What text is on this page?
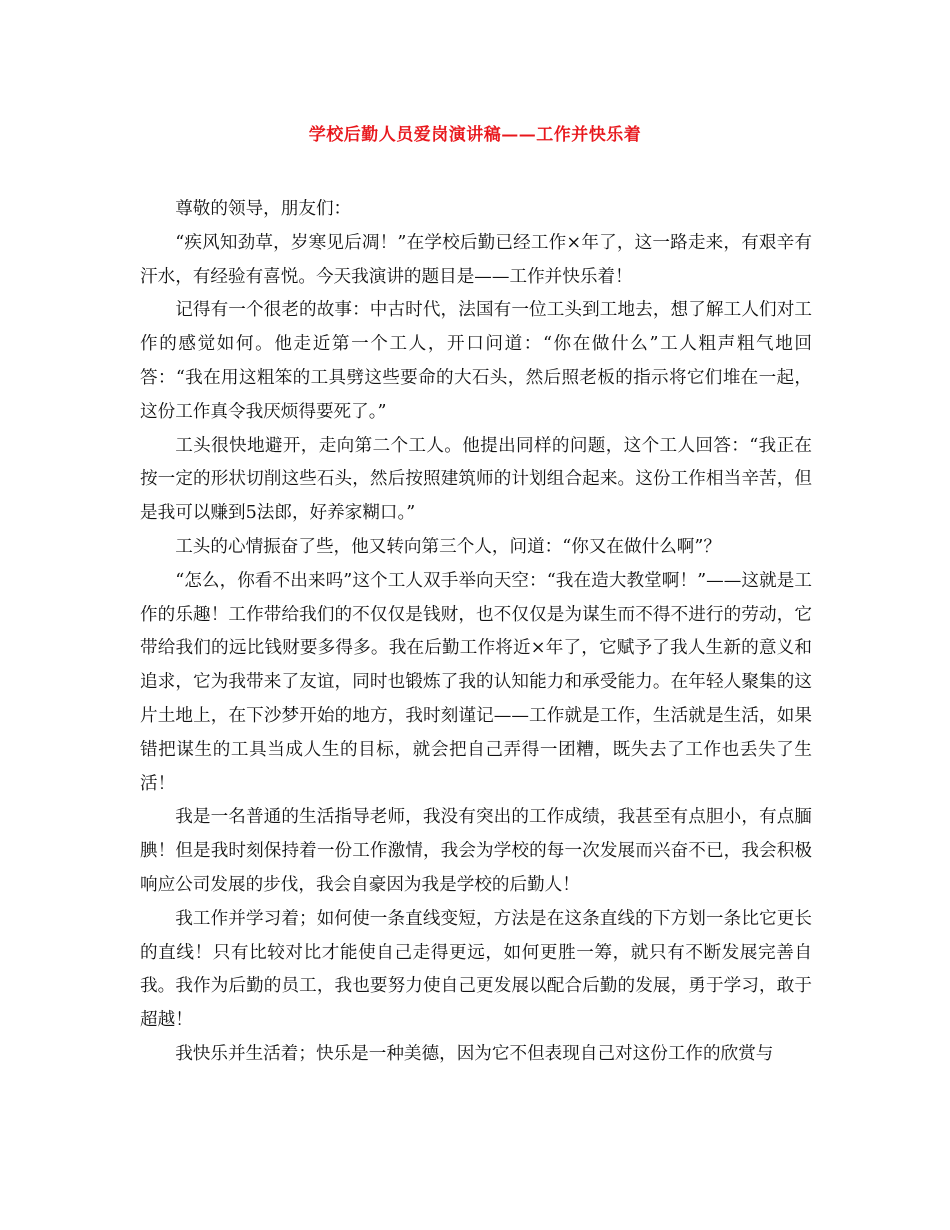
学校后勤人员爱岗演讲稿——工作并快乐着

尊敬的领导，朋友们：

“疾风知劲草，岁寒见后凋！”在学校后勤已经工作×年了，这一路走来，有艰辛有汗水，有经验有喜悦。今天我演讲的题目是——工作并快乐着！

记得有一个很老的故事：中古时代，法国有一位工头到工地去，想了解工人们对工作的感觉如何。他走近第一个工人，开口问道：“你在做什么”工人粗声粗气地回答：“我在用这粗笨的工具劈这些要命的大石头，然后照老板的指示将它们堆在一起，这份工作真令我厌烦得要死了。”

工头很快地避开，走向第二个工人。他提出同样的问题，这个工人回答：“我正在按一定的形状切削这些石头，然后按照建筑师的计划组合起来。这份工作相当辛苦，但是我可以赚到5法郎，好养家糊口。”

工头的心情振奋了些，他又转向第三个人，问道：“你又在做什么啊”？

“怎么，你看不出来吗”这个工人双手举向天空：“我在造大教堂啊！”——这就是工作的乐趣！工作带给我们的不仅仅是钱财，也不仅仅是为谋生而不得不进行的劳动，它带给我们的远比钱财要多得多。我在后勤工作将近×年了，它赋予了我人生新的意义和追求，它为我带来了友谊，同时也锻炼了我的认知能力和承受能力。在年轻人聚集的这片土地上，在下沙梦开始的地方，我时刻谨记——工作就是工作，生活就是生活，如果错把谋生的工具当成人生的目标，就会把自己弄得一团糟，既失去了工作也丢失了生活！

我是一名普通的生活指导老师，我没有突出的工作成绩，我甚至有点胆小，有点腼腆！但是我时刻保持着一份工作激情，我会为学校的每一次发展而兴奋不已，我会积极响应公司发展的步伐，我会自豪因为我是学校的后勤人！

我工作并学习着；如何使一条直线变短，方法是在这条直线的下方划一条比它更长的直线！只有比较对比才能使自己走得更远，如何更胜一筹，就只有不断发展完善自我。我作为后勤的员工，我也要努力使自己更发展以配合后勤的发展，勇于学习，敢于超越！

我快乐并生活着；快乐是一种美德，因为它不但表现自己对这份工作的欣赏与
